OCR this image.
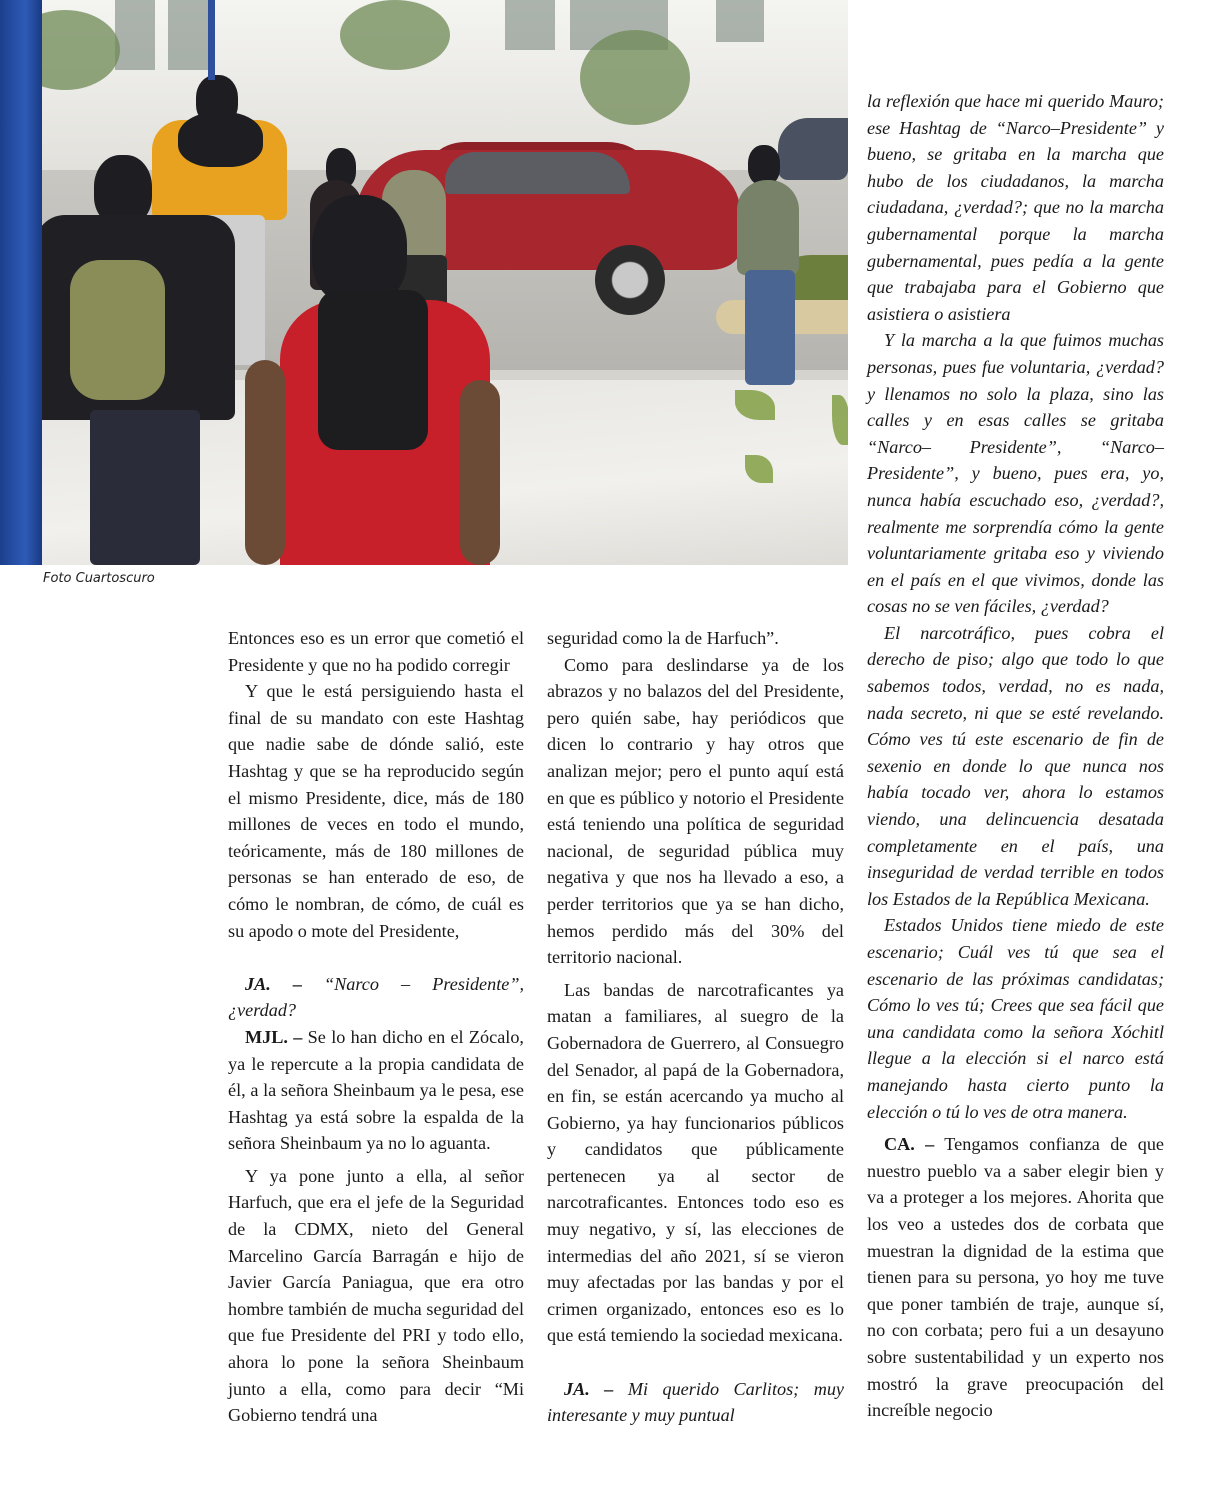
Foto Cuartoscuro

Entonces eso es un error que cometió el Presidente y que no ha podido corregir

Y que le está persiguiendo hasta el final de su mandato con este Hashtag que nadie sabe de dónde salió, este Hashtag y que se ha reproducido según el mismo Presidente, dice, más de 180 millones de veces en todo el mundo, teóricamente, más de 180 millones de personas se han enterado de eso, de cómo le nombran, de cómo, de cuál es su apodo o mote del Presidente,

JA. – “Narco – Presidente”, ¿verdad?

MJL. – Se lo han dicho en el Zócalo, ya le repercute a la propia candidata de él, a la señora Sheinbaum ya le pesa, ese Hashtag ya está sobre la espalda de la señora Sheinbaum ya no lo aguanta.

Y ya pone junto a ella, al señor Harfuch, que era el jefe de la Seguridad de la CDMX, nieto del General Marcelino García Barragán e hijo de Javier García Paniagua, que era otro hombre también de mucha seguridad del que fue Presidente del PRI y todo ello, ahora lo pone la señora Sheinbaum junto a ella, como para decir “Mi Gobierno tendrá una

seguridad como la de Harfuch”.

Como para deslindarse ya de los abrazos y no balazos del del Presidente, pero quién sabe, hay periódicos que dicen lo contrario y hay otros que analizan mejor; pero el punto aquí está en que es público y notorio el Presidente está teniendo una política de seguridad nacional, de seguridad pública muy negativa y que nos ha llevado a eso, a perder territorios que ya se han dicho, hemos perdido más del 30% del territorio nacional.

Las bandas de narcotraficantes ya matan a familiares, al suegro de la Gobernadora de Guerrero, al Consuegro del Senador, al papá de la Gobernadora, en fin, se están acercando ya mucho al Gobierno, ya hay funcionarios públicos y candidatos que públicamente pertenecen ya al sector de narcotraficantes. Entonces todo eso es muy negativo, y sí, las elecciones de intermedias del año 2021, sí se vieron muy afectadas por las bandas y por el crimen organizado, entonces eso es lo que está temiendo la sociedad mexicana.

JA. – Mi querido Carlitos; muy interesante y muy puntual

la reflexión que hace mi querido Mauro; ese Hashtag de “Narco–Presidente” y bueno, se gritaba en la marcha que hubo de los ciudadanos, la marcha ciudadana, ¿verdad?; que no la marcha gubernamental porque la marcha gubernamental, pues pedía a la gente que trabajaba para el Gobierno que asistiera o asistiera

Y la marcha a la que fuimos muchas personas, pues fue voluntaria, ¿verdad? y llenamos no solo la plaza, sino las calles y en esas calles se gritaba “Narco– Presidente”, “Narco–Presidente”, y bueno, pues era, yo, nunca había escuchado eso, ¿verdad?, realmente me sorprendía cómo la gente voluntariamente gritaba eso y viviendo en el país en el que vivimos, donde las cosas no se ven fáciles, ¿verdad?

El narcotráfico, pues cobra el derecho de piso; algo que todo lo que sabemos todos, verdad, no es nada, nada secreto, ni que se esté revelando. Cómo ves tú este escenario de fin de sexenio en donde lo que nunca nos había tocado ver, ahora lo estamos viendo, una delincuencia desatada completamente en el país, una inseguridad de verdad terrible en todos los Estados de la República Mexicana.

Estados Unidos tiene miedo de este escenario; Cuál ves tú que sea el escenario de las próximas candidatas; Cómo lo ves tú; Crees que sea fácil que una candidata como la señora Xóchitl llegue a la elección si el narco está manejando hasta cierto punto la elección o tú lo ves de otra manera.

CA. – Tengamos confianza de que nuestro pueblo va a saber elegir bien y va a proteger a los mejores. Ahorita que los veo a ustedes dos de corbata que muestran la dignidad de la estima que tienen para su persona, yo hoy me tuve que poner también de traje, aunque sí, no con corbata; pero fui a un desayuno sobre sustentabilidad y un experto nos mostró la grave preocupación del increíble negocio
